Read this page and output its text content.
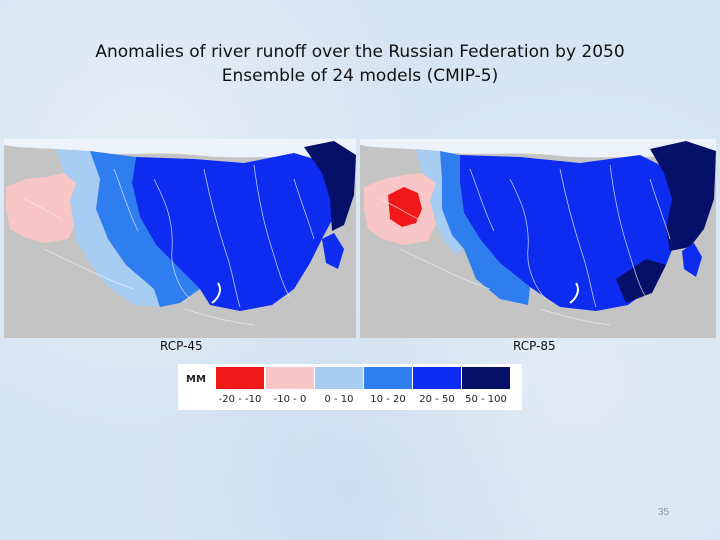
Anomalies of river runoff over the Russian Federation by 2050
Ensemble of 24 models (CMIP-5)
RCP-45	RCP-85
MM
-20 - -10	-10 - 0	0 - 10	10 - 20	20 - 50	50 - 100
35
